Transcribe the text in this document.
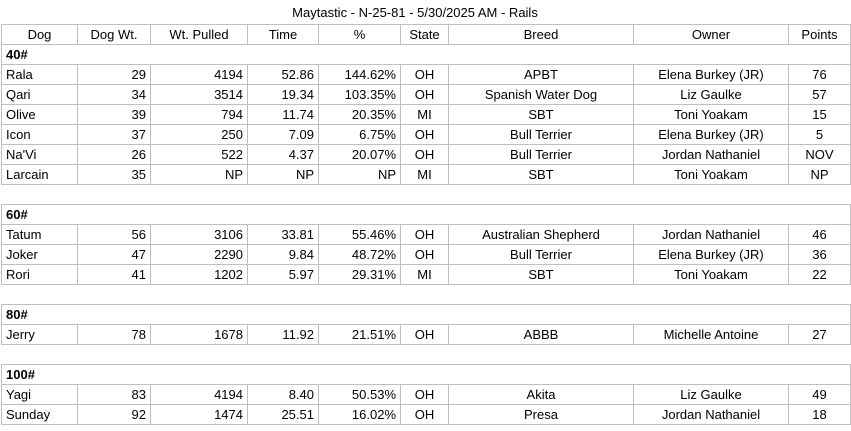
Maytastic - N-25-81 - 5/30/2025 AM - Rails
Dog	Dog Wt.	Wt. Pulled	Time	%	State	Breed	Owner	Points
40#								
Rala	29	4194	52.86	144.62%	OH	APBT	Elena Burkey (JR)	76
Qari	34	3514	19.34	103.35%	OH	Spanish Water Dog	Liz Gaulke	57
Olive	39	794	11.74	20.35%	MI	SBT	Toni Yoakam	15
Icon	37	250	7.09	6.75%	OH	Bull Terrier	Elena Burkey (JR)	5
Na'Vi	26	522	4.37	20.07%	OH	Bull Terrier	Jordan Nathaniel	NOV
Larcain	35	NP	NP	NP	MI	SBT	Toni Yoakam	NP

60#								
Tatum	56	3106	33.81	55.46%	OH	Australian Shepherd	Jordan Nathaniel	46
Joker	47	2290	9.84	48.72%	OH	Bull Terrier	Elena Burkey (JR)	36
Rori	41	1202	5.97	29.31%	MI	SBT	Toni Yoakam	22

80#								
Jerry	78	1678	11.92	21.51%	OH	ABBB	Michelle Antoine	27

100#								
Yagi	83	4194	8.40	50.53%	OH	Akita	Liz Gaulke	49
Sunday	92	1474	25.51	16.02%	OH	Presa	Jordan Nathaniel	18
